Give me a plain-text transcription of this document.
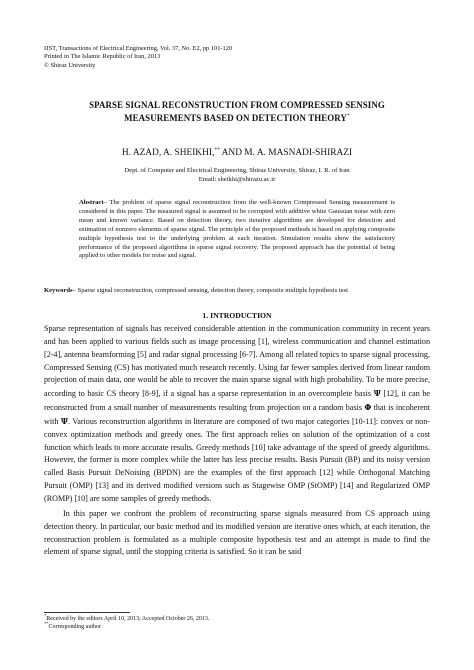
IJST, Transactions of Electrical Engineering, Vol. 37, No. E2, pp 101-120
Printed in The Islamic Republic of Iran, 2013
© Shiraz University
SPARSE SIGNAL RECONSTRUCTION FROM COMPRESSED SENSING
MEASUREMENTS BASED ON DETECTION THEORY*
H. AZAD, A. SHEIKHI,** AND M. A. MASNADI-SHIRAZI
Dept. of Computer and Electrical Engineering, Shiraz University, Shiraz, I. R. of Iran
Email: sheikhi@shirazu.ac.ir
Abstract– The problem of sparse signal reconstruction from the well-known Compressed Sensing measurement is considered in this paper. The measured signal is assumed to be corrupted with additive white Gaussian noise with zero mean and known variance. Based on detection theory, two iterative algorithms are developed for detection and estimation of nonzero elements of sparse signal. The principle of the proposed methods is based on applying composite multiple hypothesis test to the underlying problem at each iteration. Simulation results show the satisfactory performance of the proposed algorithms in sparse signal recovery. The proposed approach has the potential of being applied to other models for noise and signal.
Keywords– Sparse signal reconstruction, compressed sensing, detection theory, composite multiple hypothesis test
1. INTRODUCTION

Sparse representation of signals has received considerable attention in the communication community in recent years and has been applied to various fields such as image processing [1], wireless communication and channel estimation [2-4], antenna beamforming [5] and radar signal processing [6-7]. Among all related topics to sparse signal processing, Compressed Sensing (CS) has motivated much research recently. Using far fewer samples derived from linear random projection of main data, one would be able to recover the main sparse signal with high probability. To be more precise, according to basic CS theory [8-9], if a signal has a sparse representation in an overcomplete basis Ψ [12], it can be reconstructed from a small number of measurements resulting from projection on a random basis Φ that is incoherent with Ψ. Various reconstruction algorithms in literature are composed of two major categories [10-11]: convex or non-convex optimization methods and greedy ones. The first approach relies on solution of the optimization of a cost function which leads to more accurate results. Greedy methods [10] take advantage of the speed of greedy algorithms. However, the former is more complex while the latter has less precise results. Basis Pursuit (BP) and its noisy version called Basis Pursuit DeNoising (BPDN) are the examples of the first approach [12] while Orthogonal Matching Pursuit (OMP) [13] and its derived modified versions such as Stagewise OMP (StOMP) [14] and Regularized OMP (ROMP) [10] are some samples of greedy methods.

In this paper we confront the problem of reconstructing sparse signals measured from CS approach using detection theory. In particular, our basic method and its modified version are iterative ones which, at each iteration, the reconstruction problem is formulated as a multiple composite hypothesis test and an attempt is made to find the element of sparse signal, until the stopping criteria is satisfied. So it can be said

*Received by the editors April 10, 2013; Accepted October 26, 2013.
**Corresponding author
